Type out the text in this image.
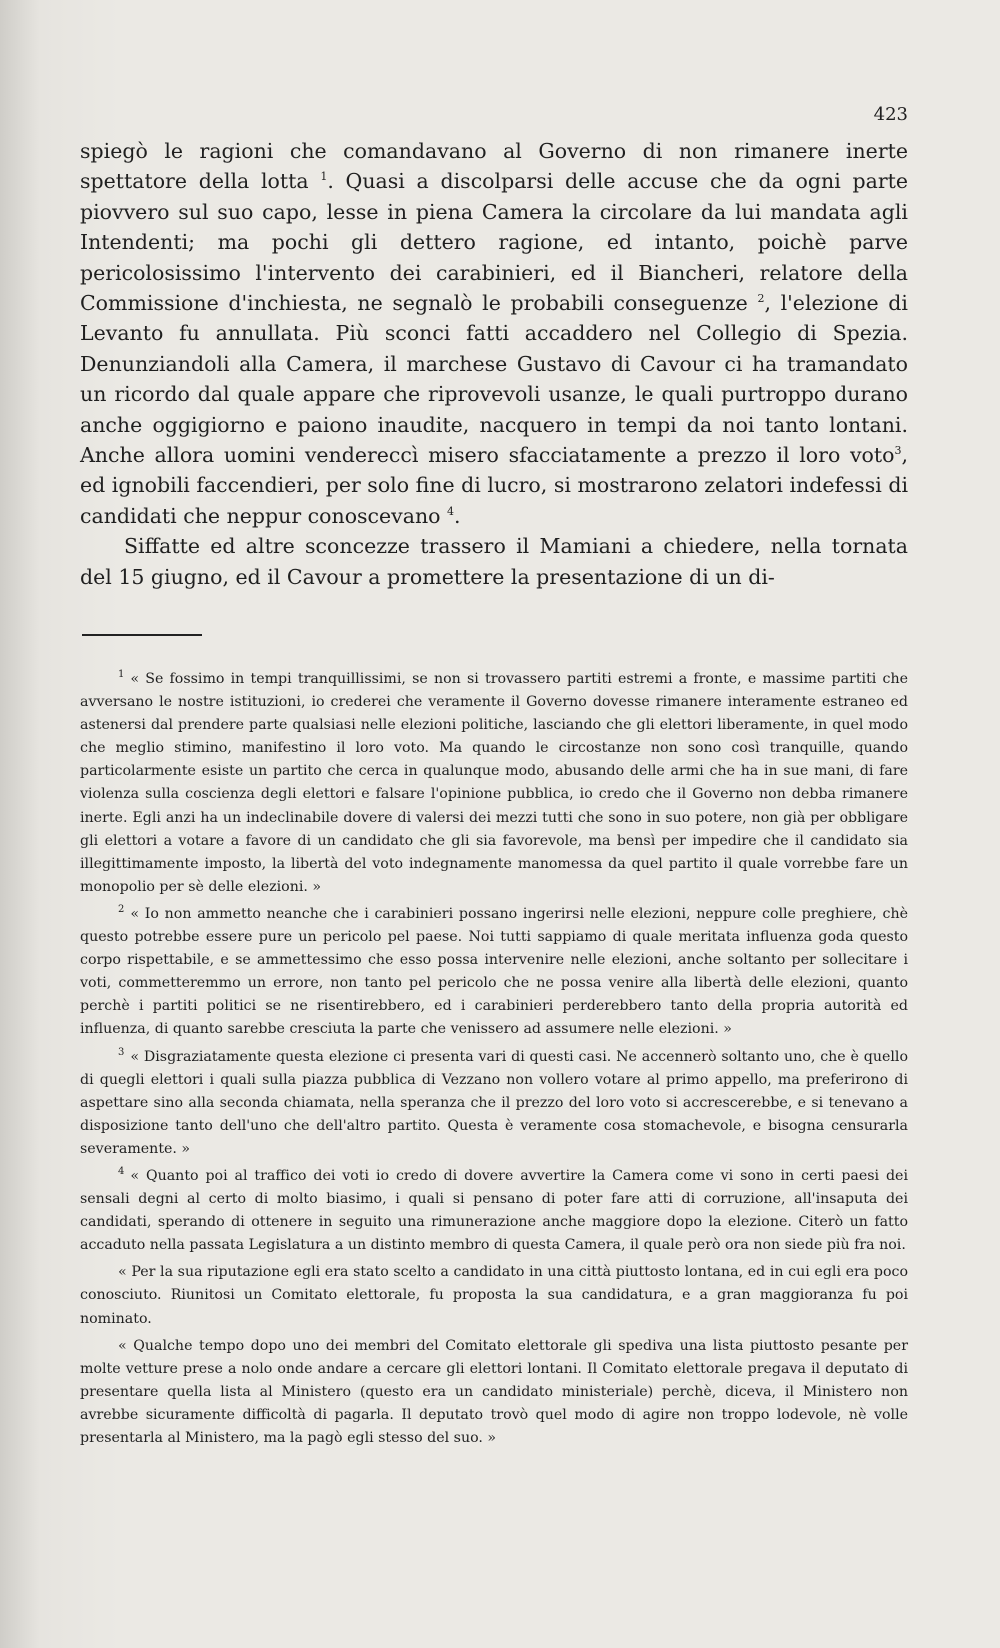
423

spiegò le ragioni che comandavano al Governo di non rimanere inerte spettatore della lotta $^1$. Quasi a discolparsi delle accuse che da ogni parte piovvero sul suo capo, lesse in piena Camera la circolare da lui mandata agli Intendenti; ma pochi gli dettero ragione, ed intanto, poichè parve pericolosissimo l'intervento dei carabinieri, ed il Biancheri, relatore della Commissione d'inchiesta, ne segnalò le probabili conseguenze $^2$, l'elezione di Levanto fu annullata. Più sconci fatti accaddero nel Collegio di Spezia. Denunziandoli alla Camera, il marchese Gustavo di Cavour ci ha tramandato un ricordo dal quale appare che riprovevoli usanze, le quali purtroppo durano anche oggigiorno e paiono inaudite, nacquero in tempi da noi tanto lontani. Anche allora uomini vendereccì misero sfacciatamente a prezzo il loro voto$^3$, ed ignobili faccendieri, per solo fine di lucro, si mostrarono zelatori indefessi di candidati che neppur conoscevano $^4$.

Siffatte ed altre sconcezze trassero il Mamiani a chiedere, nella tornata del 15 giugno, ed il Cavour a promettere la presentazione di un di-

$^1$ « Se fossimo in tempi tranquillissimi, se non si trovassero partiti estremi a fronte, e massime partiti che avversano le nostre istituzioni, io crederei che veramente il Governo dovesse rimanere interamente estraneo ed astenersi dal prendere parte qualsiasi nelle elezioni politiche, lasciando che gli elettori liberamente, in quel modo che meglio stimino, manifestino il loro voto. Ma quando le circostanze non sono così tranquille, quando particolarmente esiste un partito che cerca in qualunque modo, abusando delle armi che ha in sue mani, di fare violenza sulla coscienza degli elettori e falsare l'opinione pubblica, io credo che il Governo non debba rimanere inerte. Egli anzi ha un indeclinabile dovere di valersi dei mezzi tutti che sono in suo potere, non già per obbligare gli elettori a votare a favore di un candidato che gli sia favorevole, ma bensì per impedire che il candidato sia illegittimamente imposto, la libertà del voto indegnamente manomessa da quel partito il quale vorrebbe fare un monopolio per sè delle elezioni. »

$^2$ « Io non ammetto neanche che i carabinieri possano ingerirsi nelle elezioni, neppure colle preghiere, chè questo potrebbe essere pure un pericolo pel paese. Noi tutti sappiamo di quale meritata influenza goda questo corpo rispettabile, e se ammettessimo che esso possa intervenire nelle elezioni, anche soltanto per sollecitare i voti, commetteremmo un errore, non tanto pel pericolo che ne possa venire alla libertà delle elezioni, quanto perchè i partiti politici se ne risentirebbero, ed i carabinieri perderebbero tanto della propria autorità ed influenza, di quanto sarebbe cresciuta la parte che venissero ad assumere nelle elezioni. »

$^3$ « Disgraziatamente questa elezione ci presenta vari di questi casi. Ne accennerò soltanto uno, che è quello di quegli elettori i quali sulla piazza pubblica di Vezzano non vollero votare al primo appello, ma preferirono di aspettare sino alla seconda chiamata, nella speranza che il prezzo del loro voto si accrescerebbe, e si tenevano a disposizione tanto dell'uno che dell'altro partito. Questa è veramente cosa stomachevole, e bisogna censurarla severamente. »

$^4$ « Quanto poi al traffico dei voti io credo di dovere avvertire la Camera come vi sono in certi paesi dei sensali degni al certo di molto biasimo, i quali si pensano di poter fare atti di corruzione, all'insaputa dei candidati, sperando di ottenere in seguito una rimunerazione anche maggiore dopo la elezione. Citerò un fatto accaduto nella passata Legislatura a un distinto membro di questa Camera, il quale però ora non siede più fra noi.

« Per la sua riputazione egli era stato scelto a candidato in una città piuttosto lontana, ed in cui egli era poco conosciuto. Riunitosi un Comitato elettorale, fu proposta la sua candidatura, e a gran maggioranza fu poi nominato.

« Qualche tempo dopo uno dei membri del Comitato elettorale gli spediva una lista piuttosto pesante per molte vetture prese a nolo onde andare a cercare gli elettori lontani. Il Comitato elettorale pregava il deputato di presentare quella lista al Ministero (questo era un candidato ministeriale) perchè, diceva, il Ministero non avrebbe sicuramente difficoltà di pagarla. Il deputato trovò quel modo di agire non troppo lodevole, nè volle presentarla al Ministero, ma la pagò egli stesso del suo. »
